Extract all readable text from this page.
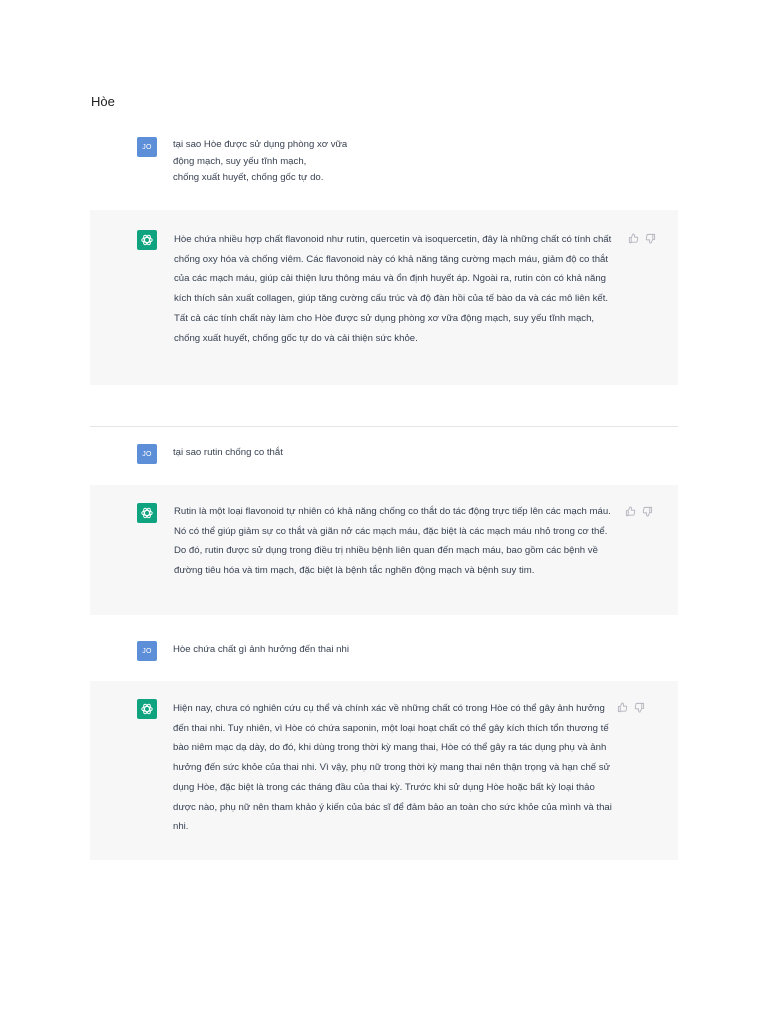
Hòe
JO	tại sao Hòe được sử dụng phòng xơ vữa
động mạch, suy yếu tĩnh mạch,
chống xuất huyết, chống gốc tự do.
Hòe chứa nhiều hợp chất flavonoid như rutin, quercetin và isoquercetin, đây là những chất có tính chất chống oxy hóa và chống viêm. Các flavonoid này có khả năng tăng cường mạch máu, giảm độ co thắt của các mạch máu, giúp cải thiện lưu thông máu và ổn định huyết áp. Ngoài ra, rutin còn có khả năng kích thích sản xuất collagen, giúp tăng cường cấu trúc và độ đàn hồi của tế bào da và các mô liên kết. Tất cả các tính chất này làm cho Hòe được sử dụng phòng xơ vữa động mạch, suy yếu tĩnh mạch, chống xuất huyết, chống gốc tự do và cải thiện sức khỏe.
JO	tại sao rutin chống co thắt
Rutin là một loại flavonoid tự nhiên có khả năng chống co thắt do tác động trực tiếp lên các mạch máu. Nó có thể giúp giảm sự co thắt và giãn nở các mạch máu, đặc biệt là các mạch máu nhỏ trong cơ thể. Do đó, rutin được sử dụng trong điều trị nhiều bệnh liên quan đến mạch máu, bao gồm các bệnh về đường tiêu hóa và tim mạch, đặc biệt là bệnh tắc nghẽn động mạch và bệnh suy tim.
JO	Hòe chứa chất gì ảnh hưởng đến thai nhi
Hiện nay, chưa có nghiên cứu cụ thể và chính xác về những chất có trong Hòe có thể gây ảnh hưởng đến thai nhi. Tuy nhiên, vì Hòe có chứa saponin, một loại hoạt chất có thể gây kích thích tổn thương tế bào niêm mạc dạ dày, do đó, khi dùng trong thời kỳ mang thai, Hòe có thể gây ra tác dụng phụ và ảnh hưởng đến sức khỏe của thai nhi. Vì vậy, phụ nữ trong thời kỳ mang thai nên thận trọng và hạn chế sử dụng Hòe, đặc biệt là trong các tháng đầu của thai kỳ. Trước khi sử dụng Hòe hoặc bất kỳ loại thảo dược nào, phụ nữ nên tham khảo ý kiến của bác sĩ để đảm bảo an toàn cho sức khỏe của mình và thai nhi.
